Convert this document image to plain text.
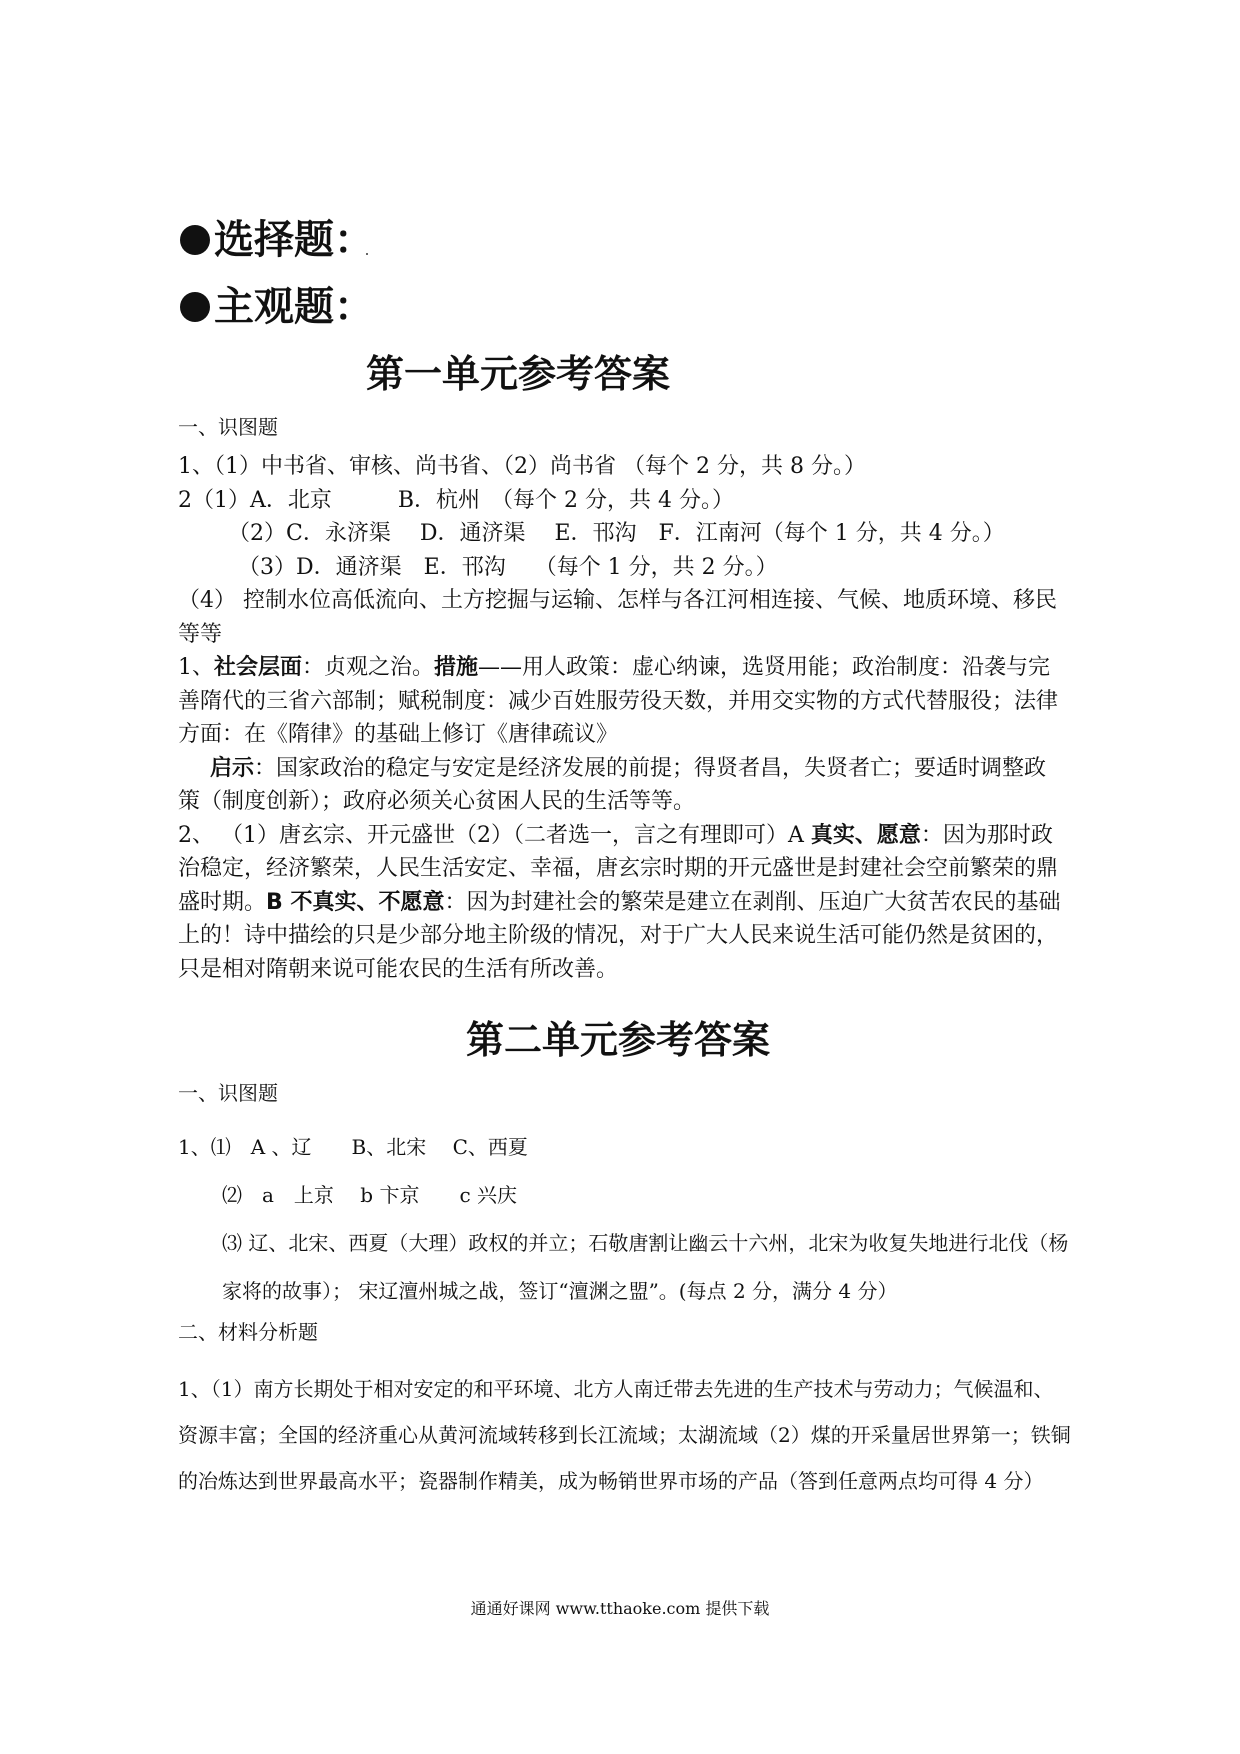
选择题：
主观题：
第一单元参考答案

一、识图题

1、（1）中书省、审核、尚书省、（2）尚书省 （每个 2 分，共 8 分。）

2（1）A．北京　　　B．杭州　（每个 2 分，共 4 分。）

（2）C．永济渠　 D．通济渠　 E．邗沟　F．江南河（每个 1 分，共 4 分。）

（3）D．通济渠　E．邗沟　 （每个 1 分，共 2 分。）

（4） 控制水位高低流向、土方挖掘与运输、怎样与各江河相连接、气候、地质环境、移民等等

1、社会层面：贞观之治。措施——用人政策：虚心纳谏，选贤用能；政治制度：沿袭与完善隋代的三省六部制；赋税制度：减少百姓服劳役天数，并用交实物的方式代替服役；法律方面：在《隋律》的基础上修订《唐律疏议》

启示：国家政治的稳定与安定是经济发展的前提；得贤者昌，失贤者亡；要适时调整政策（制度创新）；政府必须关心贫困人民的生活等等。

2、 （1）唐玄宗、开元盛世（2）（二者选一，言之有理即可）A 真实、愿意：因为那时政治稳定，经济繁荣，人民生活安定、幸福，唐玄宗时期的开元盛世是封建社会空前繁荣的鼎盛时期。B 不真实、不愿意：因为封建社会的繁荣是建立在剥削、压迫广大贫苦农民的基础上的！诗中描绘的只是少部分地主阶级的情况，对于广大人民来说生活可能仍然是贫困的，只是相对隋朝来说可能农民的生活有所改善。

第二单元参考答案

一、识图题

1、⑴　A 、辽　　B、北宋　 C、西夏

⑵　a　上京　 b 卞京　　c 兴庆

⑶ 辽、北宋、西夏（大理）政权的并立；石敬唐割让幽云十六州，北宋为收复失地进行北伐（杨家将的故事）； 宋辽澶州城之战，签订“澶渊之盟”。(每点 2 分，满分 4 分）

二、材料分析题

1、（1）南方长期处于相对安定的和平环境、北方人南迁带去先进的生产技术与劳动力；气候温和、资源丰富；全国的经济重心从黄河流域转移到长江流域；太湖流域（2）煤的开采量居世界第一；铁铜的冶炼达到世界最高水平；瓷器制作精美，成为畅销世界市场的产品（答到任意两点均可得 4 分）

通通好课网 www.tthaoke.com 提供下载
